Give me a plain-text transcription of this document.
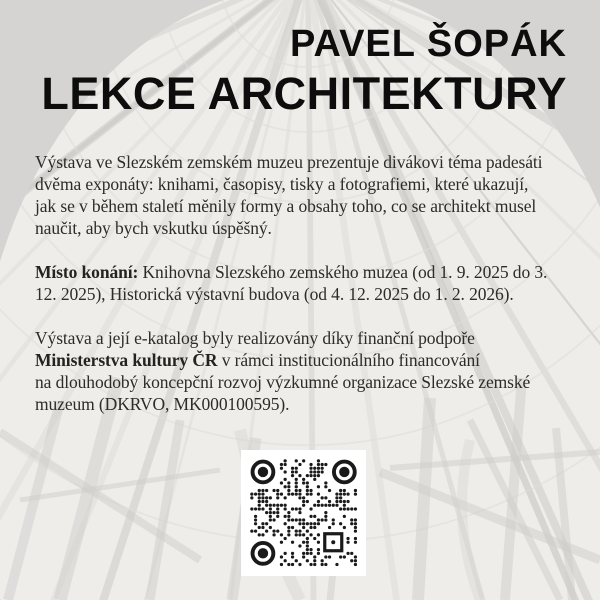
PAVEL ŠOPÁK
LEKCE ARCHITEKTURY

Výstava ve Slezském zemském muzeu prezentuje divákovi téma padesáti
dvěma exponáty: knihami, časopisy, tisky a fotografiemi, které ukazují,
jak se v během staletí měnily formy a obsahy toho, co se architekt musel
naučit, aby bych vskutku úspěšný.

Místo konání: Knihovna Slezského zemského muzea (od 1. 9. 2025 do 3.
12. 2025), Historická výstavní budova (od 4. 12. 2025 do 1. 2. 2026).

Výstava a její e-katalog byly realizovány díky finanční podpoře
Ministerstva kultury ČR v rámci institucionálního financování
na dlouhodobý koncepční rozvoj výzkumné organizace Slezské zemské
muzeum (DKRVO, MK000100595).
